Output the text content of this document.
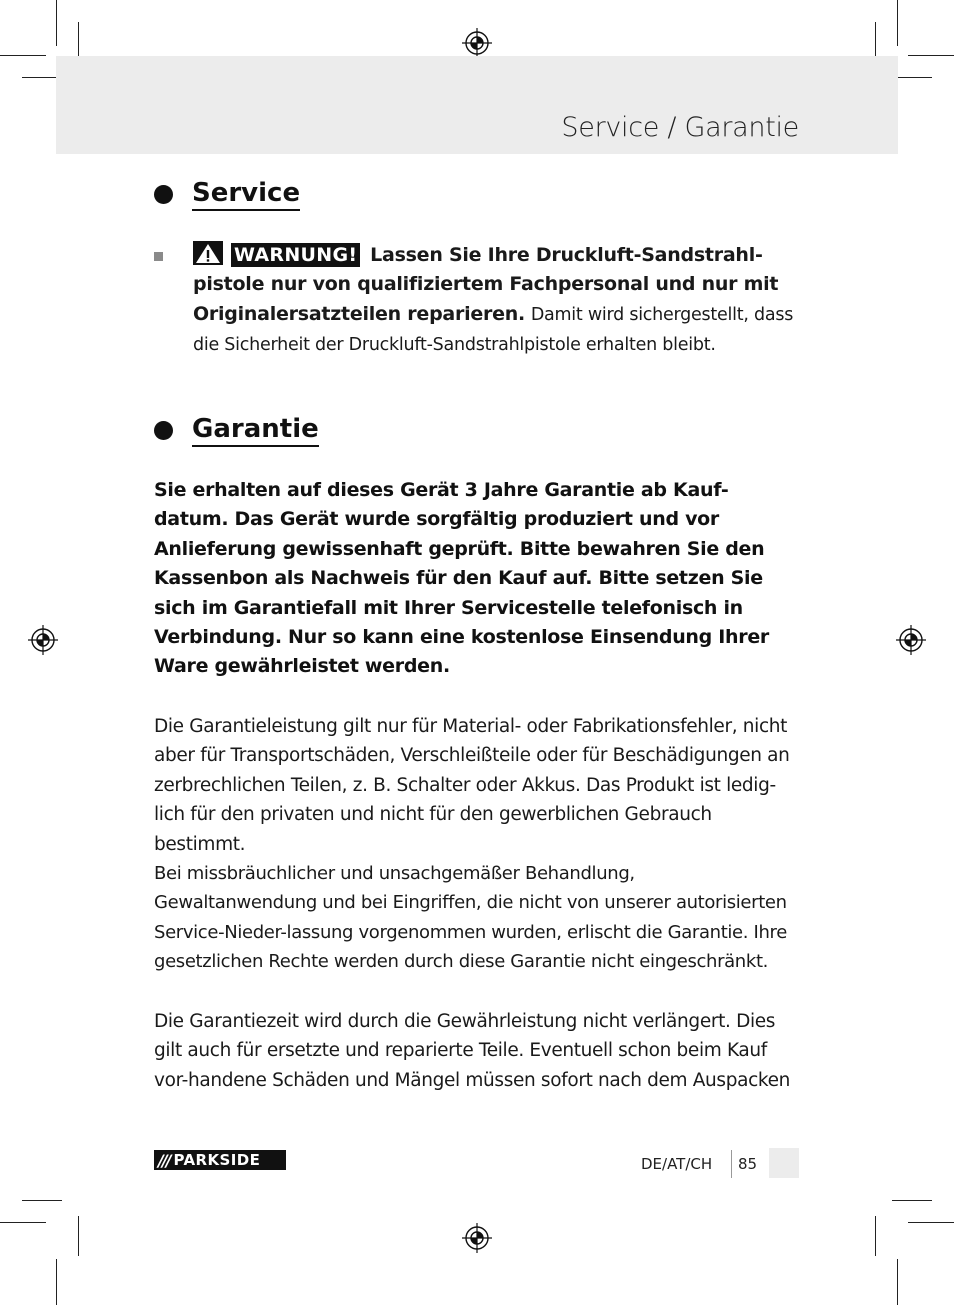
Service / Garantie
Service
WARNUNG! Lassen Sie Ihre Druckluft-Sandstrahl-pistole nur von qualifiziertem Fachpersonal und nur mit Originalersatzteilen reparieren. Damit wird sichergestellt, dass die Sicherheit der Druckluft-Sandstrahlpistole erhalten bleibt.
Garantie
Sie erhalten auf dieses Gerät 3 Jahre Garantie ab Kauf-datum. Das Gerät wurde sorgfältig produziert und vor Anlieferung gewissenhaft geprüft. Bitte bewahren Sie den Kassenbon als Nachweis für den Kauf auf. Bitte setzen Sie sich im Garantiefall mit Ihrer Servicestelle telefonisch in Verbindung. Nur so kann eine kostenlose Einsendung Ihrer Ware gewährleistet werden.
Die Garantieleistung gilt nur für Material- oder Fabrikationsfehler, nicht aber für Transportschäden, Verschleißteile oder für Beschädigungen an zerbrechlichen Teilen, z. B. Schalter oder Akkus. Das Produkt ist ledig-lich für den privaten und nicht für den gewerblichen Gebrauch bestimmt.
Bei missbräuchlicher und unsachgemäßer Behandlung, Gewaltanwendung und bei Eingriffen, die nicht von unserer autorisierten Service-Nieder-lassung vorgenommen wurden, erlischt die Garantie. Ihre gesetzlichen Rechte werden durch diese Garantie nicht eingeschränkt.
Die Garantiezeit wird durch die Gewährleistung nicht verlängert. Dies gilt auch für ersetzte und reparierte Teile. Eventuell schon beim Kauf vor-handene Schäden und Mängel müssen sofort nach dem Auspacken
/// PARKSIDE	DE/AT/CH 85
